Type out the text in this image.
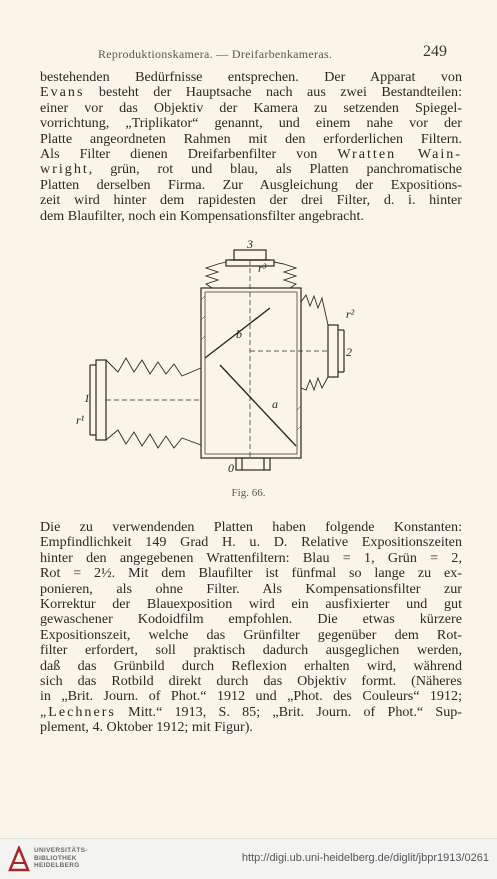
Reproduktionskamera. — Dreifarbenkameras.	249

bestehenden Bedürfnisse entsprechen. Der Apparat von
Evans besteht der Hauptsache nach aus zwei Bestandteilen:
einer vor das Objektiv der Kamera zu setzenden Spiegel-
vorrichtung, „Triplikator“ genannt, und einem nahe vor der
Platte angeordneten Rahmen mit den erforderlichen Filtern.
Als Filter dienen Dreifarbenfilter von Wratten Wain-
wright, grün, rot und blau, als Platten panchromatische
Platten derselben Firma. Zur Ausgleichung der Expositions-
zeit wird hinter dem rapidesten der drei Filter, d. i. hinter
dem Blaufilter, noch ein Kompensationsfilter angebracht.

3
r³
r²
2
b
a
1
r¹
0
Fig. 66.

Die zu verwendenden Platten haben folgende Konstanten:
Empfindlichkeit 149 Grad H. u. D. Relative Expositionszeiten
hinter den angegebenen Wrattenfiltern: Blau = 1, Grün = 2,
Rot = 2½. Mit dem Blaufilter ist fünfmal so lange zu ex-
ponieren, als ohne Filter. Als Kompensationsfilter zur
Korrektur der Blauexposition wird ein ausfixierter und gut
gewaschener Kodoidfilm empfohlen. Die etwas kürzere
Expositionszeit, welche das Grünfilter gegenüber dem Rot-
filter erfordert, soll praktisch dadurch ausgeglichen werden,
daß das Grünbild durch Reflexion erhalten wird, während
sich das Rotbild direkt durch das Objektiv formt. (Näheres
in „Brit. Journ. of Phot.“ 1912 und „Phot. des Couleurs“ 1912;
„Lechners Mitt.“ 1913, S. 85; „Brit. Journ. of Phot.“ Sup-
plement, 4. Oktober 1912; mit Figur).

UNIVERSITÄTS-
BIBLIOTHEK
HEIDELBERG
http://digi.ub.uni-heidelberg.de/diglit/jbpr1913/0261
